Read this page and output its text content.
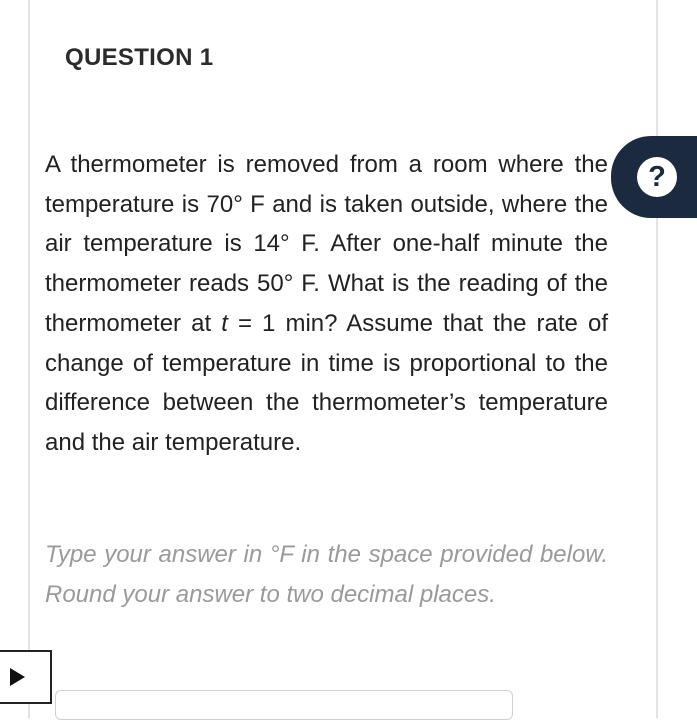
QUESTION 1
A thermometer is removed from a room where the temperature is 70° F and is taken outside, where the air temperature is 14° F. After one-half minute the thermometer reads 50° F. What is the reading of the thermometer at t = 1 min? Assume that the rate of change of temperature in time is proportional to the difference between the thermometer’s temperature and the air temperature.
Type your answer in °F in the space provided below. Round your answer to two decimal places.
?
